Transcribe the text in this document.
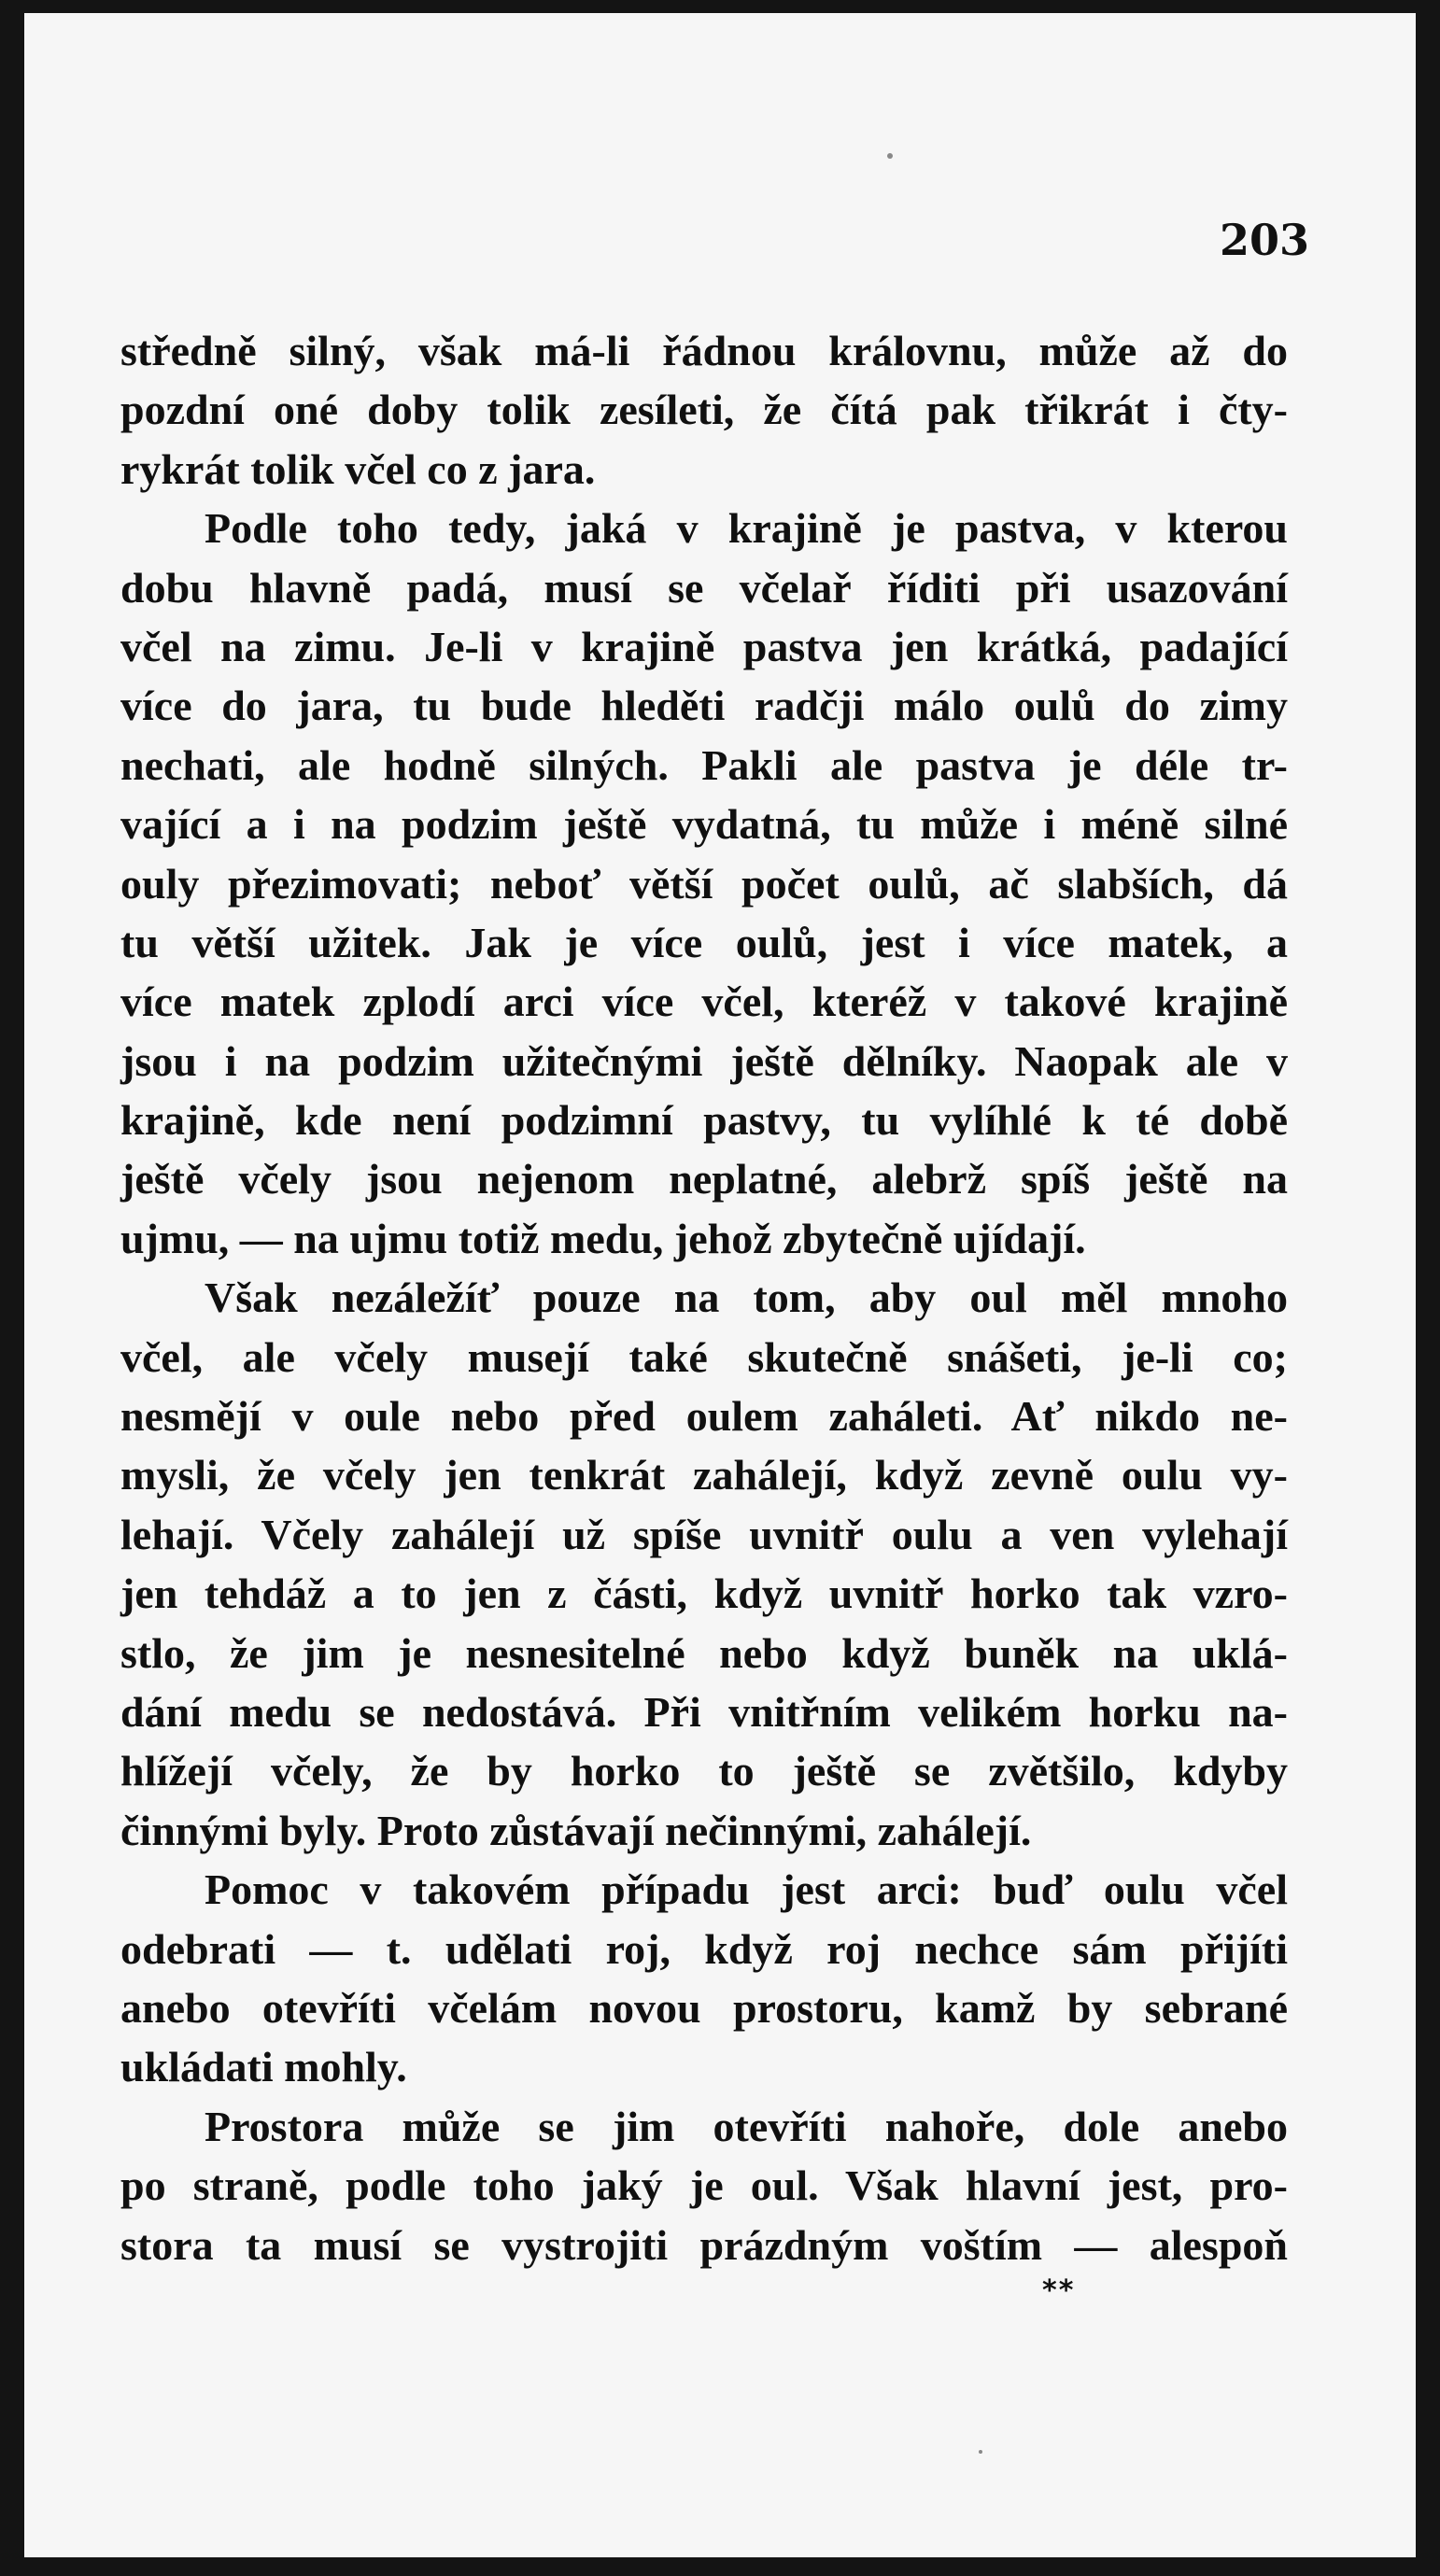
203
středně silný, však má-li řádnou královnu, může až do
pozdní oné doby tolik zesíleti, že čítá pak třikrát i čty-
rykrát tolik včel co z jara.
Podle toho tedy, jaká v krajině je pastva, v kterou
dobu hlavně padá, musí se včelař říditi při usazování
včel na zimu. Je-li v krajině pastva jen krátká, padající
více do jara, tu bude hleděti radčji málo oulů do zimy
nechati, ale hodně silných. Pakli ale pastva je déle tr-
vající a i na podzim ještě vydatná, tu může i méně silné
ouly přezimovati; neboť větší počet oulů, ač slabších, dá
tu větší užitek. Jak je více oulů, jest i více matek, a
více matek zplodí arci více včel, kteréž v takové krajině
jsou i na podzim užitečnými ještě dělníky. Naopak ale v
krajině, kde není podzimní pastvy, tu vylíhlé k té době
ještě včely jsou nejenom neplatné, alebrž spíš ještě na
ujmu, — na ujmu totiž medu, jehož zbytečně ujídají.
Však nezáležíť pouze na tom, aby oul měl mnoho
včel, ale včely musejí také skutečně snášeti, je-li co;
nesmějí v oule nebo před oulem zaháleti. Ať nikdo ne-
mysli, že včely jen tenkrát zahálejí, když zevně oulu vy-
lehají. Včely zahálejí už spíše uvnitř oulu a ven vylehají
jen tehdáž a to jen z části, když uvnitř horko tak vzro-
stlo, že jim je nesnesitelné nebo když buněk na uklá-
dání medu se nedostává. Při vnitřním velikém horku na-
hlížejí včely, že by horko to ještě se zvětšilo, kdyby
činnými byly. Proto zůstávají nečinnými, zahálejí.
Pomoc v takovém případu jest arci: buď oulu včel
odebrati — t. udělati roj, když roj nechce sám přijíti
anebo otevříti včelám novou prostoru, kamž by sebrané
ukládati mohly.
Prostora může se jim otevříti nahoře, dole anebo
po straně, podle toho jaký je oul. Však hlavní jest, pro-
stora ta musí se vystrojiti prázdným voštím — alespoň
**
